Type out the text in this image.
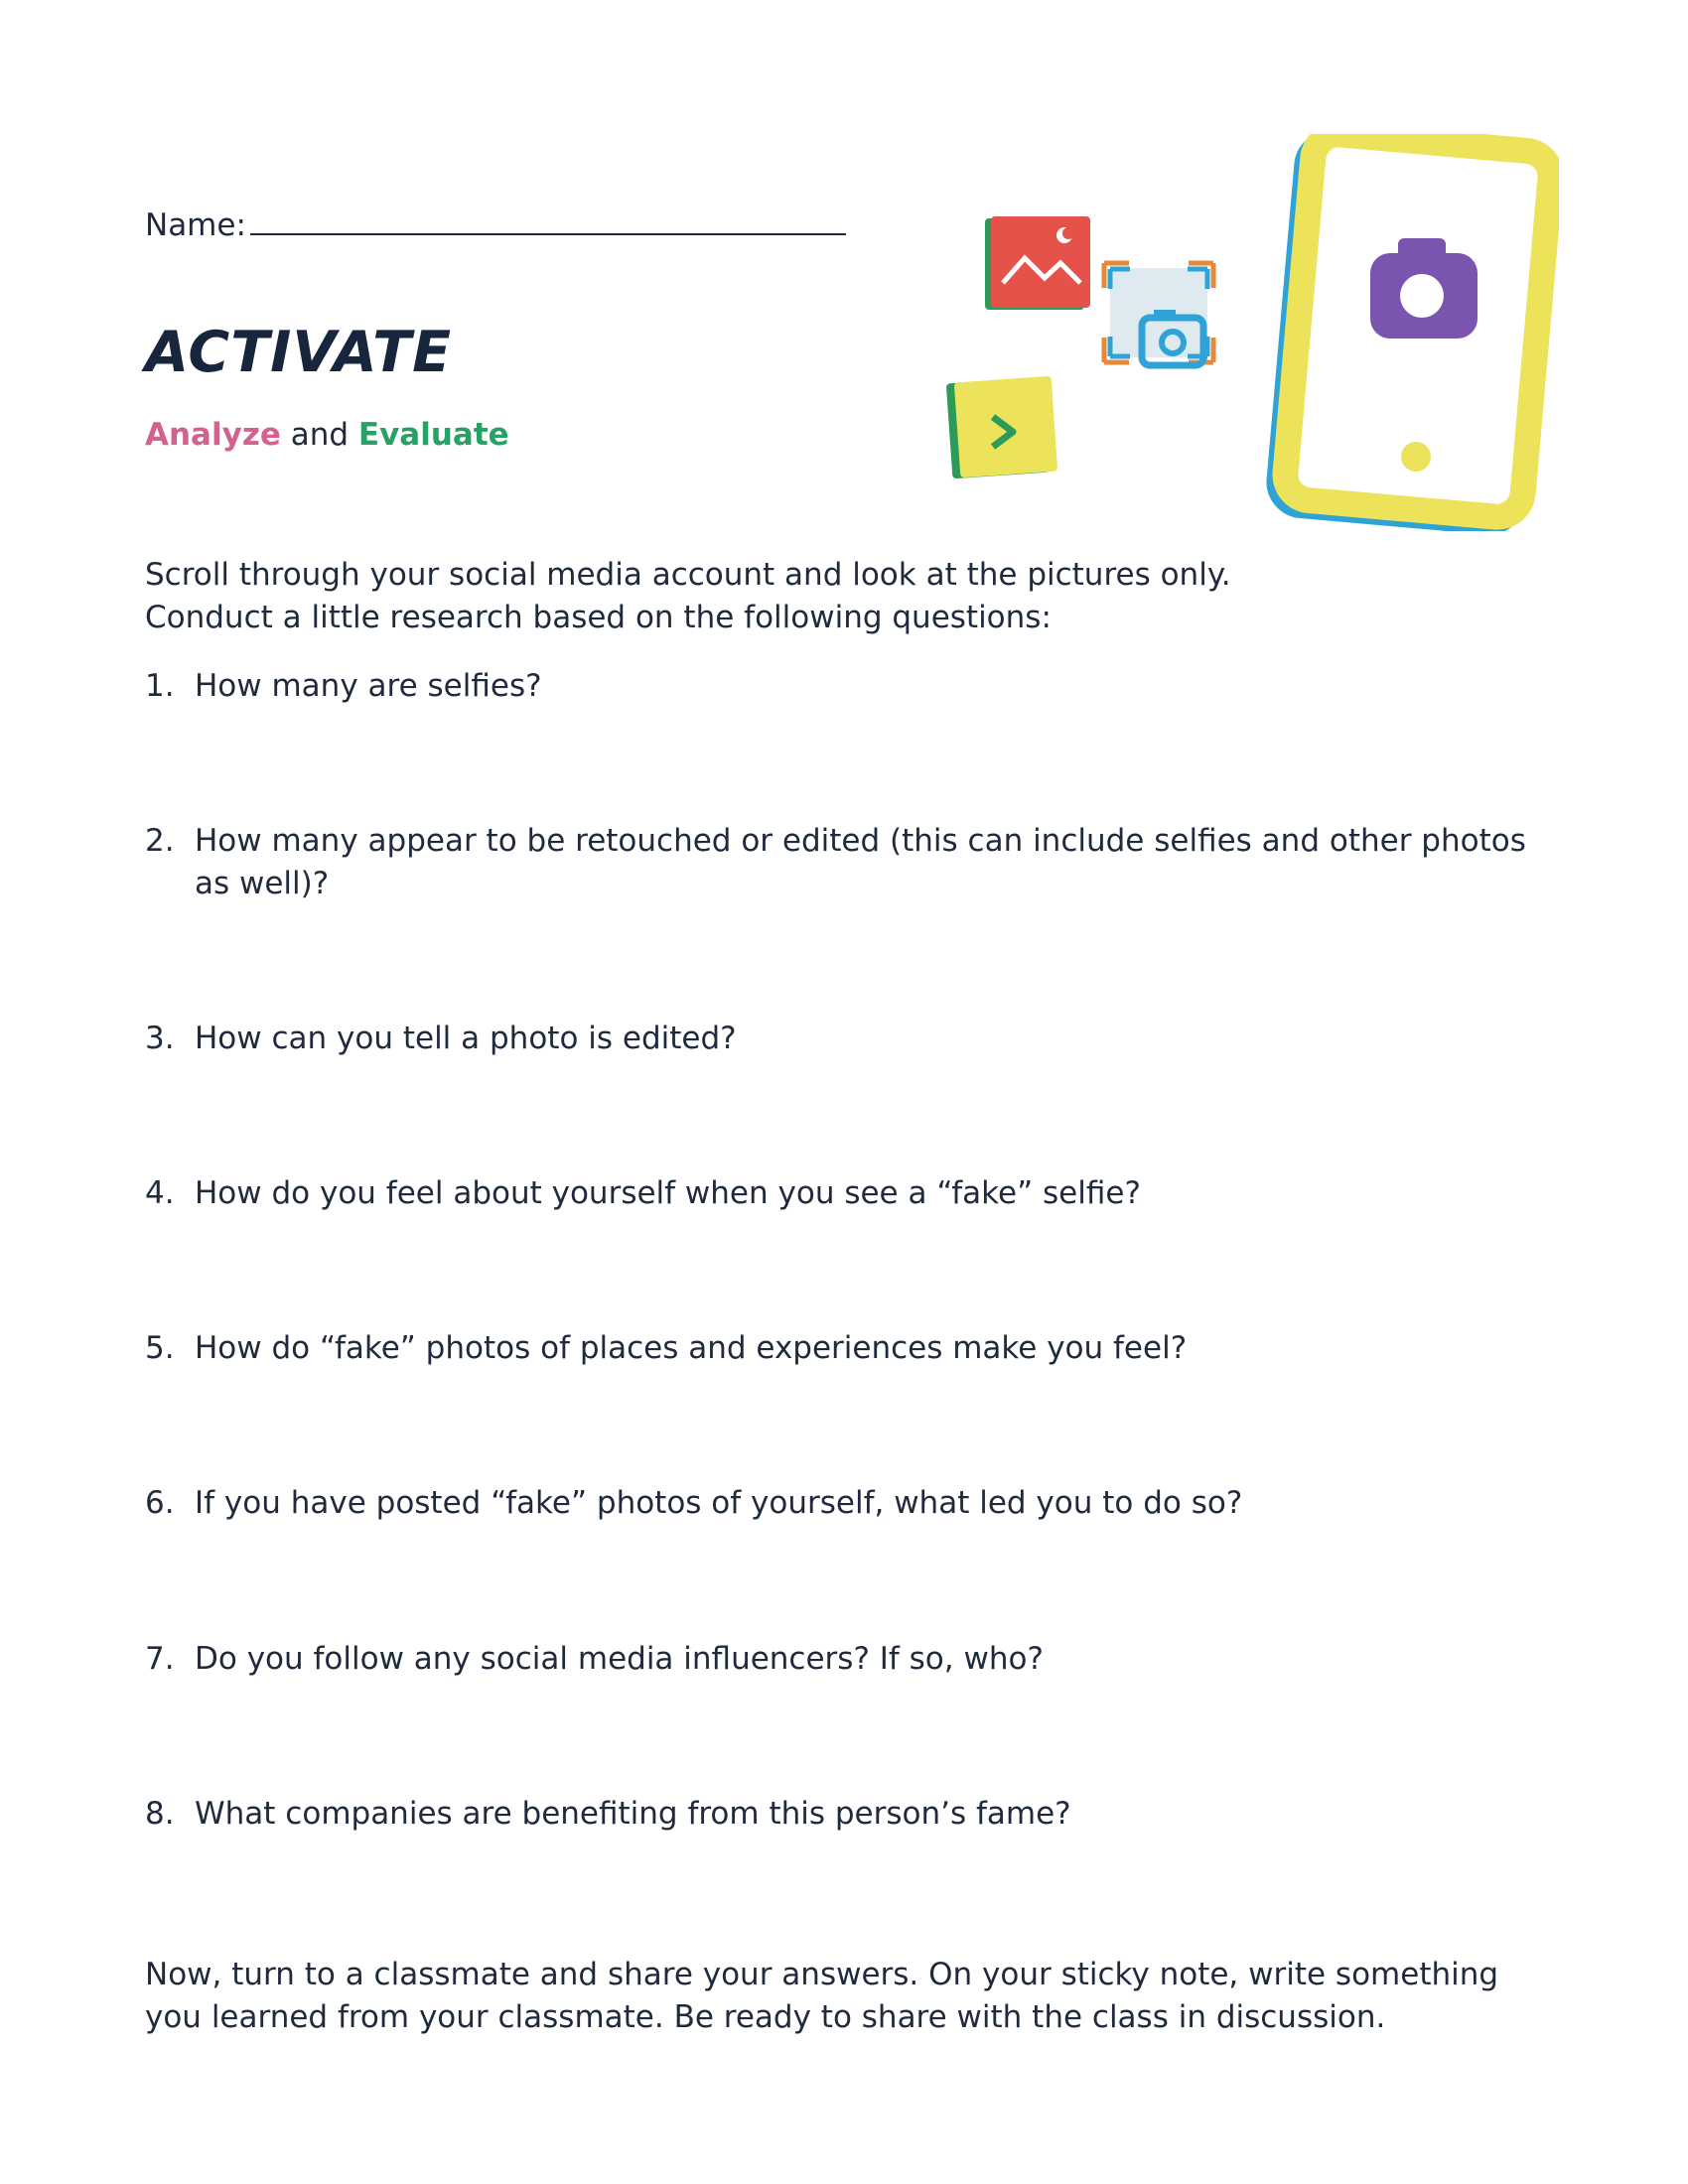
Name:
ACTIVATE
Analyze and Evaluate
Scroll through your social media account and look at the pictures only.
Conduct a little research based on the following questions:
1. How many are selfies?
2. How many appear to be retouched or edited (this can include selfies and other photos as well)?
3. How can you tell a photo is edited?
4. How do you feel about yourself when you see a “fake” selfie?
5. How do “fake” photos of places and experiences make you feel?
6. If you have posted “fake” photos of yourself, what led you to do so?
7. Do you follow any social media influencers? If so, who?
8. What companies are benefiting from this person’s fame?
Now, turn to a classmate and share your answers. On your sticky note, write something you learned from your classmate. Be ready to share with the class in discussion.
